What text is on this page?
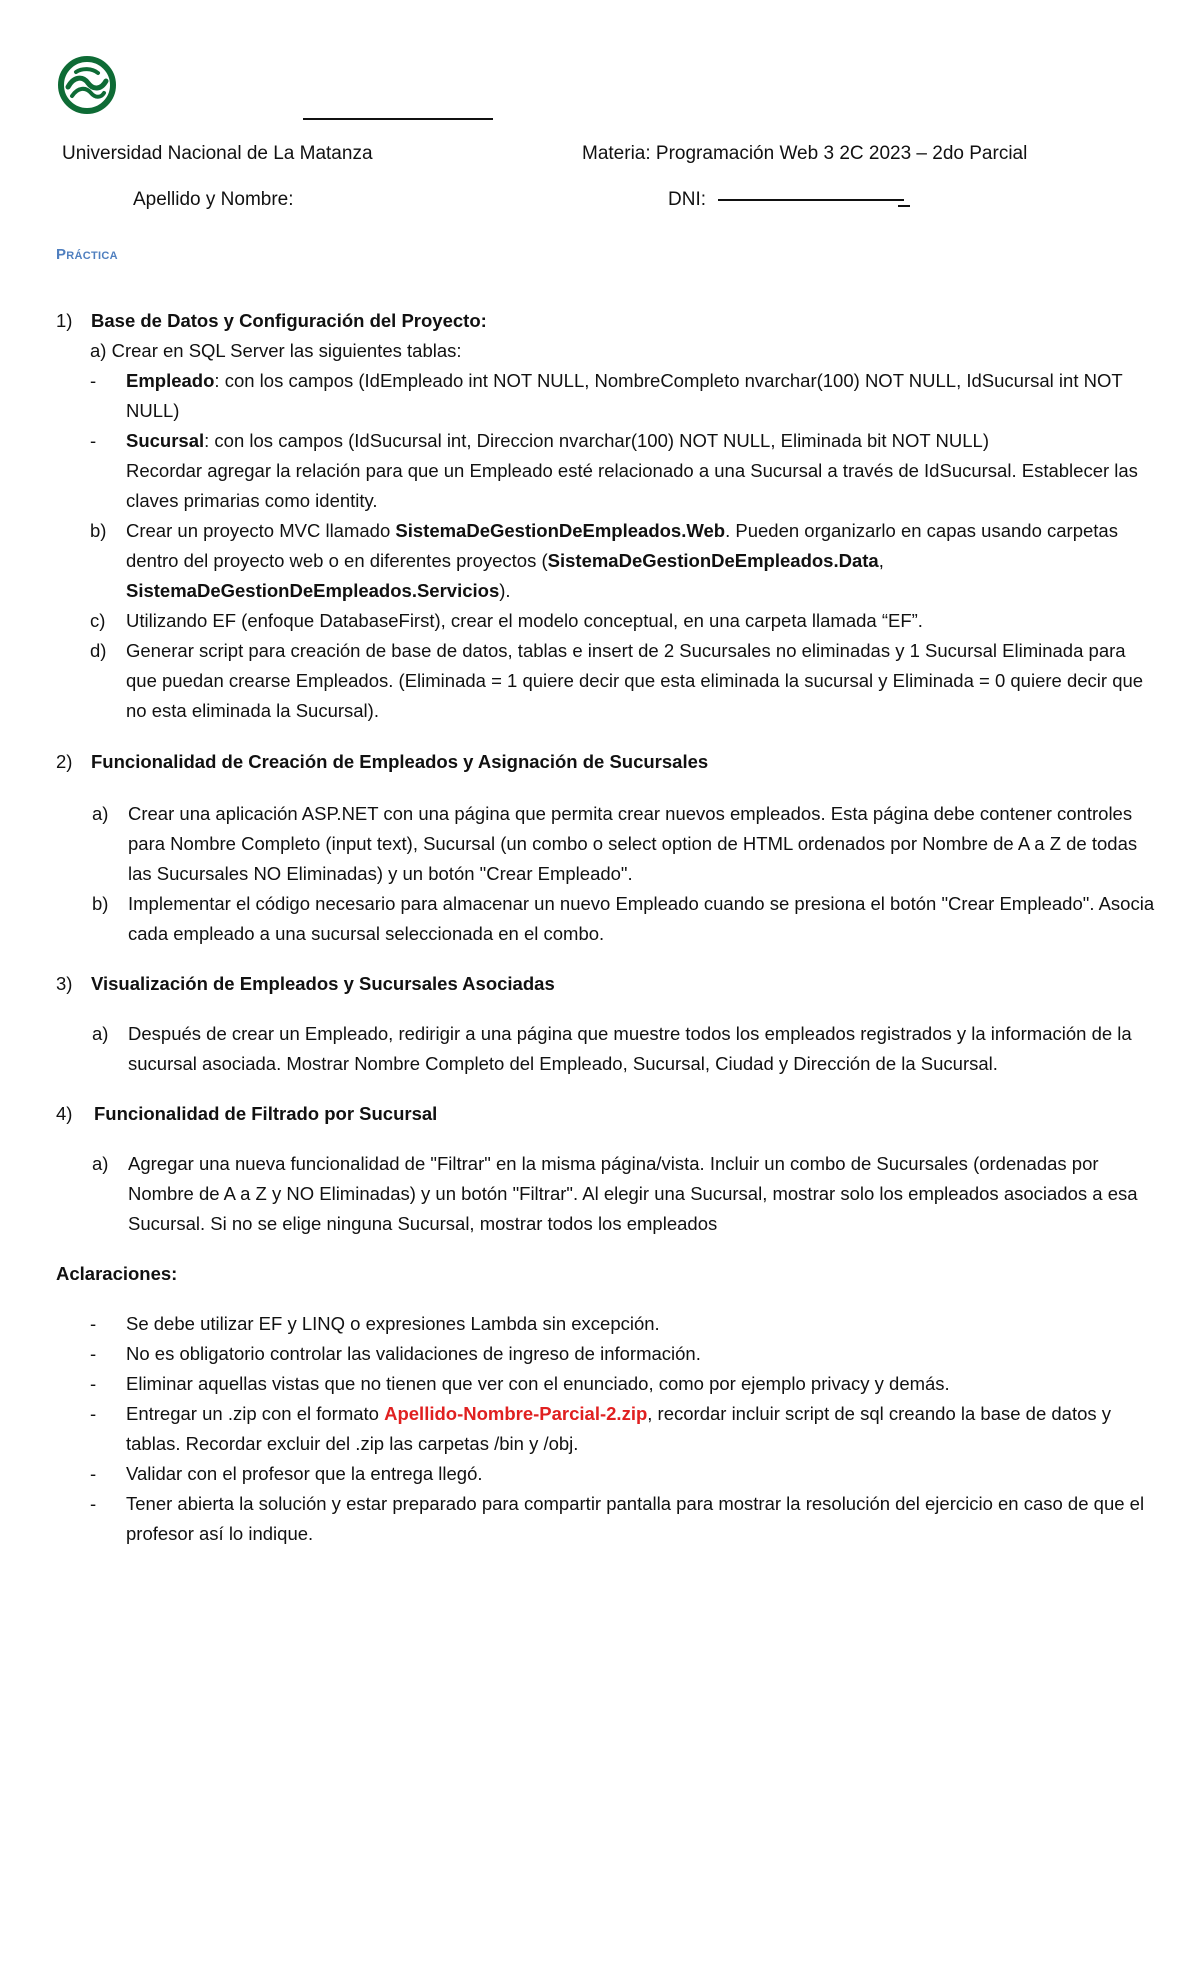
Universidad Nacional de La Matanza	Materia: Programación Web 3 2C 2023 – 2do Parcial
Apellido y Nombre:	DNI:
Práctica
1)	Base de Datos y Configuración del Proyecto:
a) Crear en SQL Server las siguientes tablas:
-	Empleado: con los campos (IdEmpleado int NOT NULL, NombreCompleto nvarchar(100) NOT NULL, IdSucursal int NOT NULL)
-	Sucursal: con los campos (IdSucursal int, Direccion nvarchar(100) NOT NULL, Eliminada bit NOT NULL)
Recordar agregar la relación para que un Empleado esté relacionado a una Sucursal a través de IdSucursal. Establecer las claves primarias como identity.
b)	Crear un proyecto MVC llamado SistemaDeGestionDeEmpleados.Web. Pueden organizarlo en capas usando carpetas dentro del proyecto web o en diferentes proyectos (SistemaDeGestionDeEmpleados.Data, SistemaDeGestionDeEmpleados.Servicios).
c)	Utilizando EF (enfoque DatabaseFirst), crear el modelo conceptual, en una carpeta llamada “EF”.
d)	Generar script para creación de base de datos, tablas e insert de 2 Sucursales no eliminadas y 1 Sucursal Eliminada para que puedan crearse Empleados. (Eliminada = 1 quiere decir que esta eliminada la sucursal y Eliminada = 0 quiere decir que no esta eliminada la Sucursal).
2)	Funcionalidad de Creación de Empleados y Asignación de Sucursales
a)	Crear una aplicación ASP.NET con una página que permita crear nuevos empleados. Esta página debe contener controles para Nombre Completo (input text), Sucursal (un combo o select option de HTML ordenados por Nombre de A a Z de todas las Sucursales NO Eliminadas) y un botón "Crear Empleado".
b)	Implementar el código necesario para almacenar un nuevo Empleado cuando se presiona el botón "Crear Empleado". Asocia cada empleado a una sucursal seleccionada en el combo.
3)	Visualización de Empleados y Sucursales Asociadas
a)	Después de crear un Empleado, redirigir a una página que muestre todos los empleados registrados y la información de la sucursal asociada. Mostrar Nombre Completo del Empleado, Sucursal, Ciudad y Dirección de la Sucursal.
4)	Funcionalidad de Filtrado por Sucursal
a)	Agregar una nueva funcionalidad de "Filtrar" en la misma página/vista. Incluir un combo de Sucursales (ordenadas por Nombre de A a Z y NO Eliminadas) y un botón "Filtrar". Al elegir una Sucursal, mostrar solo los empleados asociados a esa Sucursal. Si no se elige ninguna Sucursal, mostrar todos los empleados
Aclaraciones:
-	Se debe utilizar EF y LINQ o expresiones Lambda sin excepción.
-	No es obligatorio controlar las validaciones de ingreso de información.
-	Eliminar aquellas vistas que no tienen que ver con el enunciado, como por ejemplo privacy y demás.
-	Entregar un .zip con el formato Apellido-Nombre-Parcial-2.zip, recordar incluir script de sql creando la base de datos y tablas. Recordar excluir del .zip las carpetas /bin y /obj.
-	Validar con el profesor que la entrega llegó.
-	Tener abierta la solución y estar preparado para compartir pantalla para mostrar la resolución del ejercicio en caso de que el profesor así lo indique.
